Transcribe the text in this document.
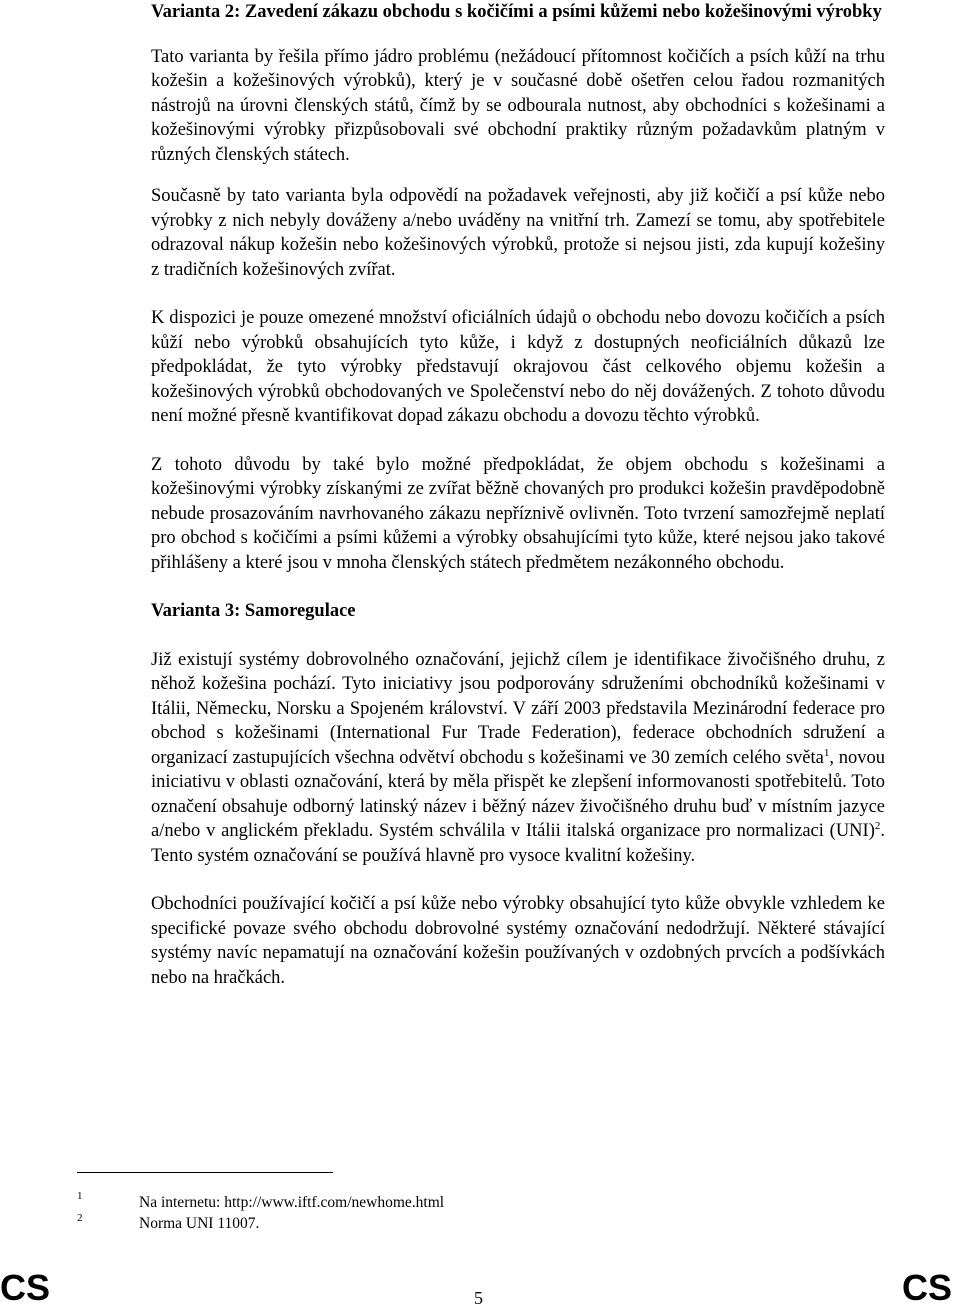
Varianta 2: Zavedení zákazu obchodu s kočičími a psími kůžemi nebo kožešinovými výrobky

Tato varianta by řešila přímo jádro problému (nežádoucí přítomnost kočičích a psích kůží na trhu kožešin a kožešinových výrobků), který je v současné době ošetřen celou řadou rozmanitých nástrojů na úrovni členských států, čímž by se odbourala nutnost, aby obchodníci s kožešinami a kožešinovými výrobky přizpůsobovali své obchodní praktiky různým požadavkům platným v různých členských státech.

Současně by tato varianta byla odpovědí na požadavek veřejnosti, aby již kočičí a psí kůže nebo výrobky z nich nebyly dováženy a/nebo uváděny na vnitřní trh. Zamezí se tomu, aby spotřebitele odrazoval nákup kožešin nebo kožešinových výrobků, protože si nejsou jisti, zda kupují kožešiny z tradičních kožešinových zvířat.

K dispozici je pouze omezené množství oficiálních údajů o obchodu nebo dovozu kočičích a psích kůží nebo výrobků obsahujících tyto kůže, i když z dostupných neoficiálních důkazů lze předpokládat, že tyto výrobky představují okrajovou část celkového objemu kožešin a kožešinových výrobků obchodovaných ve Společenství nebo do něj dovážených. Z tohoto důvodu není možné přesně kvantifikovat dopad zákazu obchodu a dovozu těchto výrobků.

Z tohoto důvodu by také bylo možné předpokládat, že objem obchodu s kožešinami a kožešinovými výrobky získanými ze zvířat běžně chovaných pro produkci kožešin pravděpodobně nebude prosazováním navrhovaného zákazu nepříznivě ovlivněn. Toto tvrzení samozřejmě neplatí pro obchod s kočičími a psími kůžemi a výrobky obsahujícími tyto kůže, které nejsou jako takové přihlášeny a které jsou v mnoha členských státech předmětem nezákonného obchodu.

Varianta 3: Samoregulace

Již existují systémy dobrovolného označování, jejichž cílem je identifikace živočišného druhu, z něhož kožešina pochází. Tyto iniciativy jsou podporovány sdruženími obchodníků kožešinami v Itálii, Německu, Norsku a Spojeném království. V září 2003 představila Mezinárodní federace pro obchod s kožešinami (International Fur Trade Federation), federace obchodních sdružení a organizací zastupujících všechna odvětví obchodu s kožešinami ve 30 zemích celého světa$^1$, novou iniciativu v oblasti označování, která by měla přispět ke zlepšení informovanosti spotřebitelů. Toto označení obsahuje odborný latinský název i běžný název živočišného druhu buď v místním jazyce a/nebo v anglickém překladu. Systém schválila v Itálii italská organizace pro normalizaci (UNI)$^2$. Tento systém označování se používá hlavně pro vysoce kvalitní kožešiny.

Obchodníci používající kočičí a psí kůže nebo výrobky obsahující tyto kůže obvykle vzhledem ke specifické povaze svého obchodu dobrovolné systémy označování nedodržují. Některé stávající systémy navíc nepamatují na označování kožešin používaných v ozdobných prvcích a podšívkách nebo na hračkách.

1	Na internetu: http://www.iftf.com/newhome.html
2	Norma UNI 11007.
CS	5	CS
